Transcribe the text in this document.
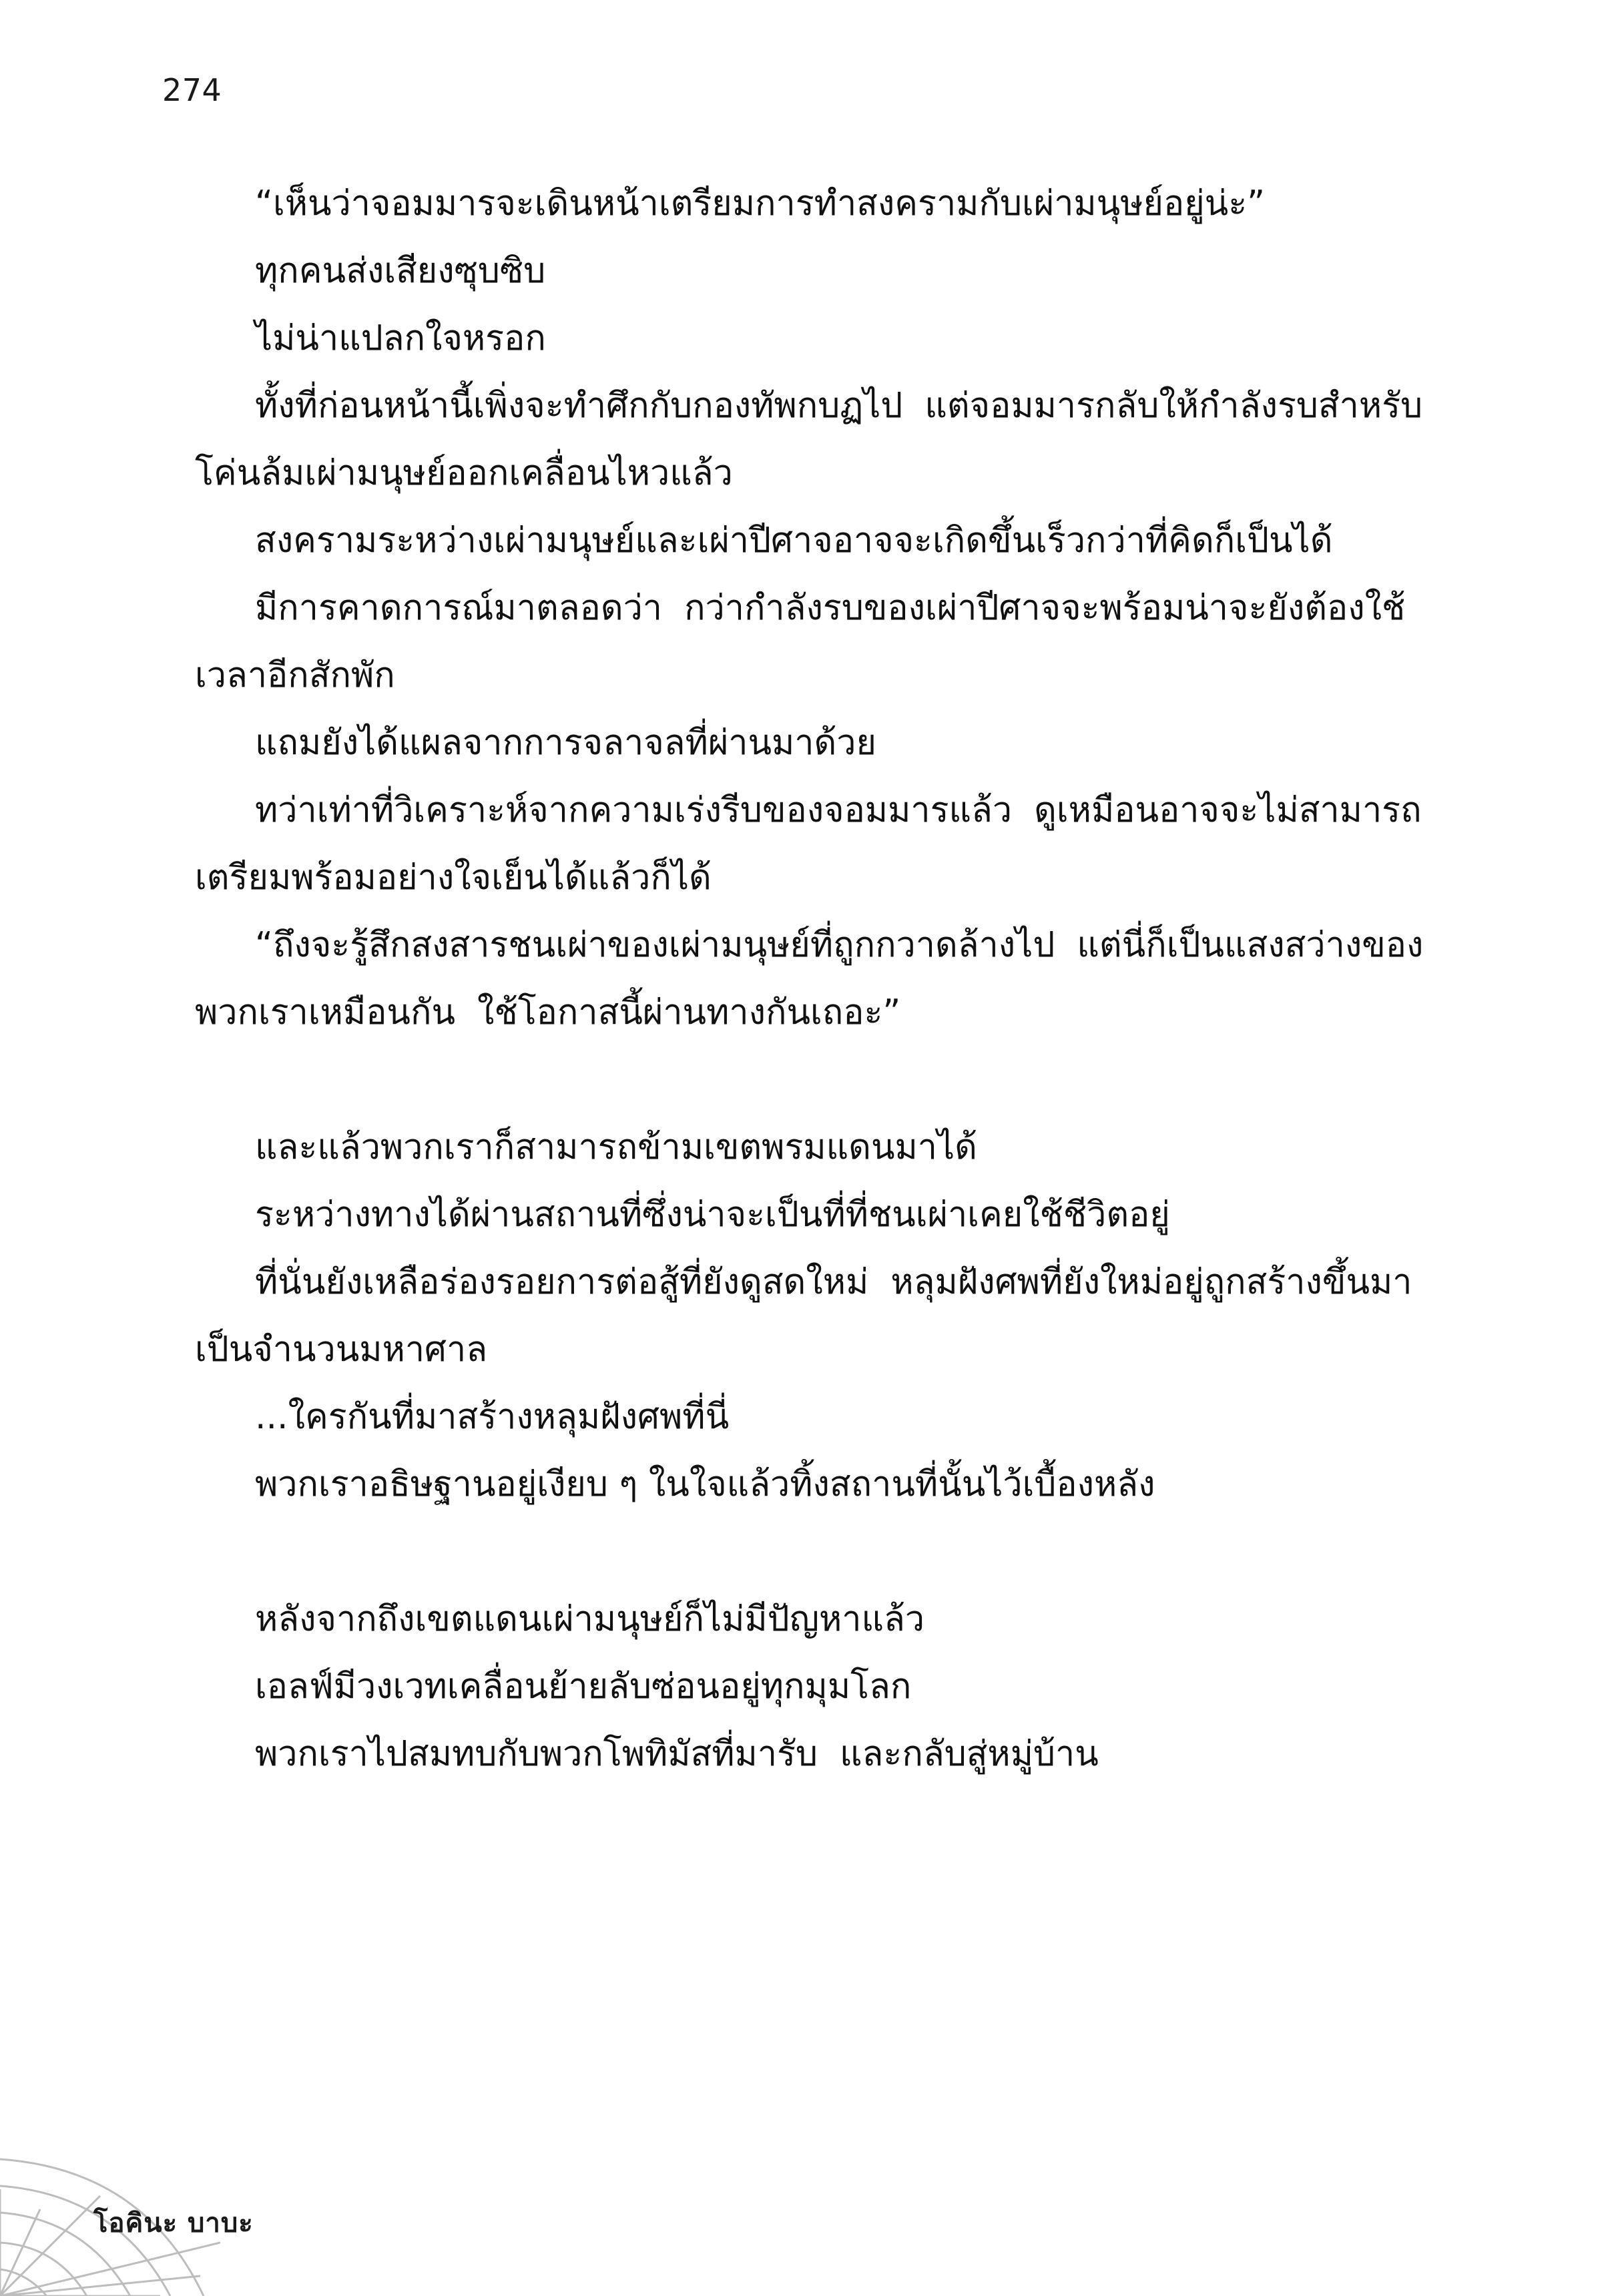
274

“เห็นว่าจอมมารจะเดินหน้าเตรียมการทำสงครามกับเผ่ามนุษย์อยู่น่ะ”

ทุกคนส่งเสียงซุบซิบ

ไม่น่าแปลกใจหรอก

ทั้งที่ก่อนหน้านี้เพิ่งจะทำศึกกับกองทัพกบฏไป  แต่จอมมารกลับให้กำลังรบสำหรับโค่นล้มเผ่ามนุษย์ออกเคลื่อนไหวแล้ว

สงครามระหว่างเผ่ามนุษย์และเผ่าปีศาจอาจจะเกิดขึ้นเร็วกว่าที่คิดก็เป็นได้

มีการคาดการณ์มาตลอดว่า  กว่ากำลังรบของเผ่าปีศาจจะพร้อมน่าจะยังต้องใช้เวลาอีกสักพัก

แถมยังได้แผลจากการจลาจลที่ผ่านมาด้วย

ทว่าเท่าที่วิเคราะห์จากความเร่งรีบของจอมมารแล้ว  ดูเหมือนอาจจะไม่สามารถเตรียมพร้อมอย่างใจเย็นได้แล้วก็ได้

“ถึงจะรู้สึกสงสารชนเผ่าของเผ่ามนุษย์ที่ถูกกวาดล้างไป  แต่นี่ก็เป็นแสงสว่างของพวกเราเหมือนกัน  ใช้โอกาสนี้ผ่านทางกันเถอะ”

และแล้วพวกเราก็สามารถข้ามเขตพรมแดนมาได้

ระหว่างทางได้ผ่านสถานที่ซึ่งน่าจะเป็นที่ที่ชนเผ่าเคยใช้ชีวิตอยู่

ที่นั่นยังเหลือร่องรอยการต่อสู้ที่ยังดูสดใหม่  หลุมฝังศพที่ยังใหม่อยู่ถูกสร้างขึ้นมาเป็นจำนวนมหาศาล

...ใครกันที่มาสร้างหลุมฝังศพที่นี่

พวกเราอธิษฐานอยู่เงียบ ๆ ในใจแล้วทิ้งสถานที่นั้นไว้เบื้องหลัง

หลังจากถึงเขตแดนเผ่ามนุษย์ก็ไม่มีปัญหาแล้ว

เอลฟ์มีวงเวทเคลื่อนย้ายลับซ่อนอยู่ทุกมุมโลก

พวกเราไปสมทบกับพวกโพทิมัสที่มารับ  และกลับสู่หมู่บ้าน

โอคินะ บาบะ
